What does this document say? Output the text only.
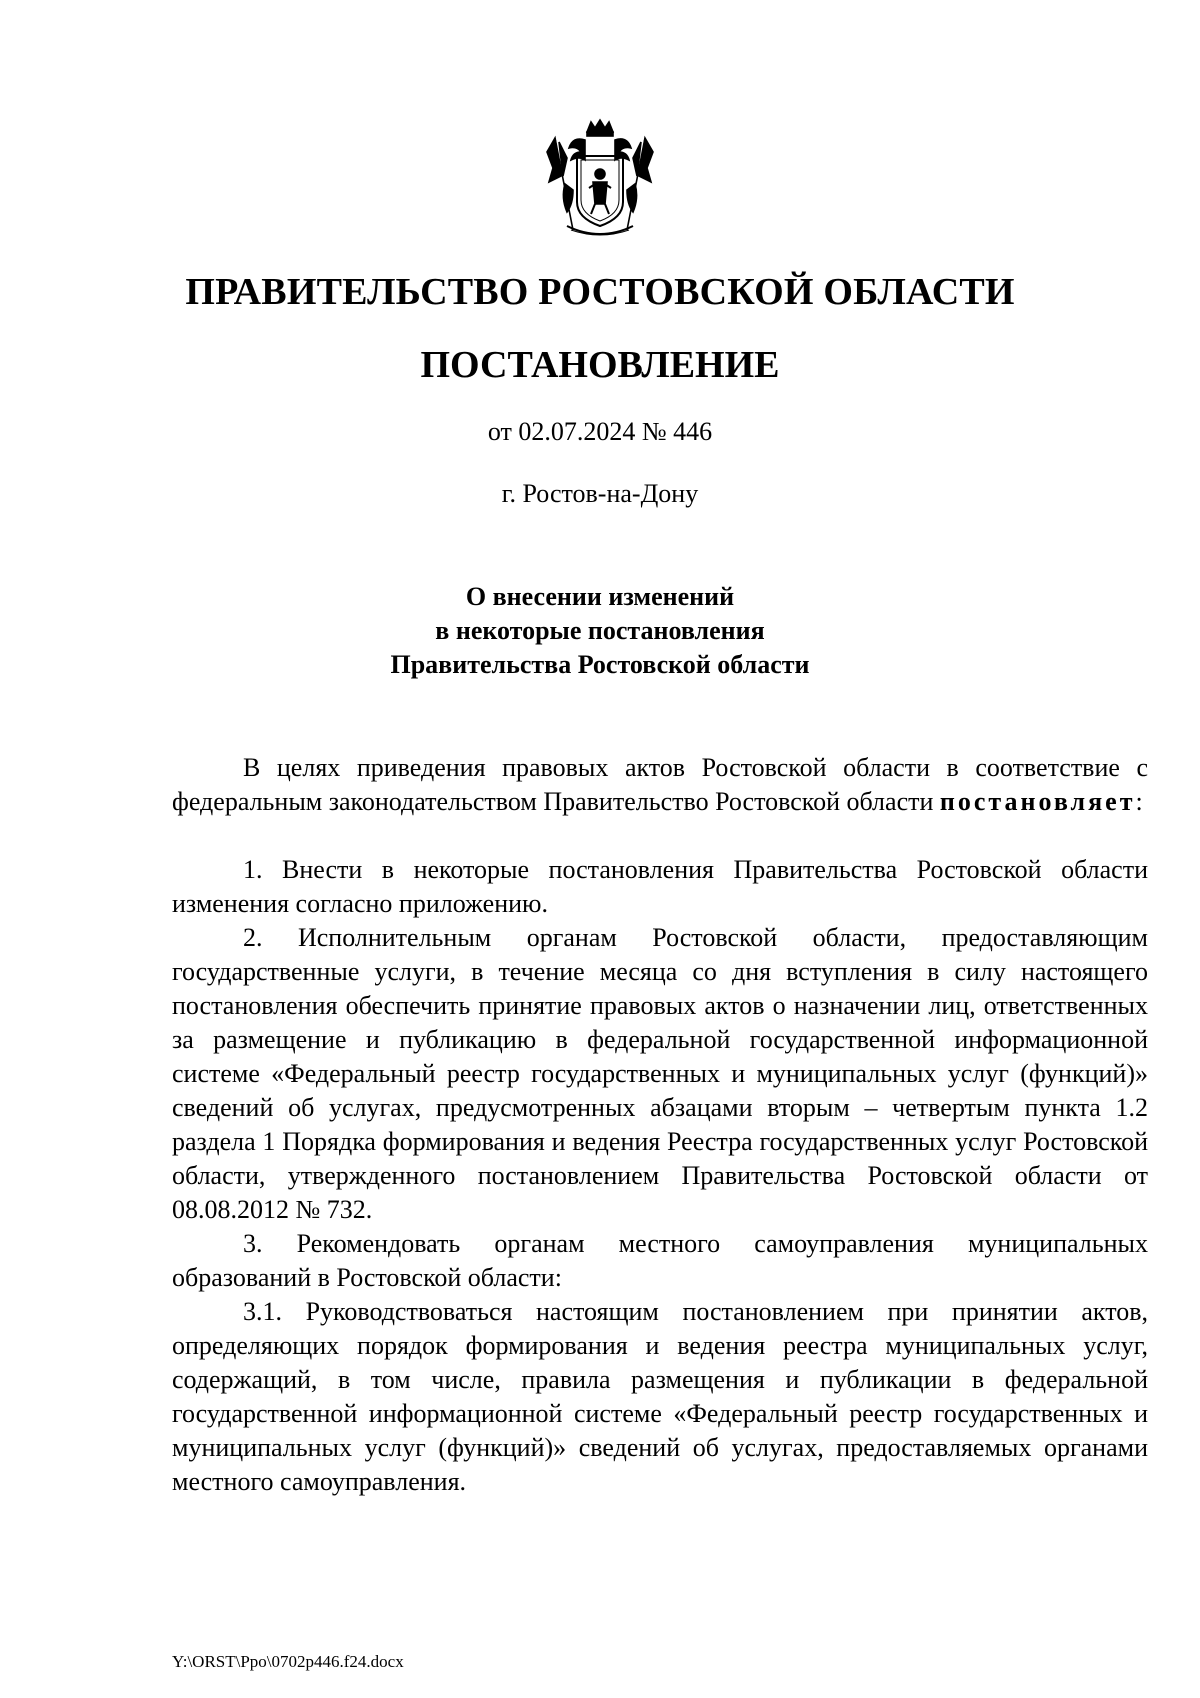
ПРАВИТЕЛЬСТВО РОСТОВСКОЙ ОБЛАСТИ
ПОСТАНОВЛЕНИЕ
от 02.07.2024 № 446
г. Ростов-на-Дону
О внесении изменений
в некоторые постановления
Правительства Ростовской области

В целях приведения правовых актов Ростовской области в соответствие с федеральным законодательством Правительство Ростовской области постановляет:

1. Внести в некоторые постановления Правительства Ростовской области изменения согласно приложению.

2. Исполнительным органам Ростовской области, предоставляющим государственные услуги, в течение месяца со дня вступления в силу настоящего постановления обеспечить принятие правовых актов о назначении лиц, ответственных за размещение и публикацию в федеральной государственной информационной системе «Федеральный реестр государственных и муниципальных услуг (функций)» сведений об услугах, предусмотренных абзацами вторым – четвертым пункта 1.2 раздела 1 Порядка формирования и ведения Реестра государственных услуг Ростовской области, утвержденного постановлением Правительства Ростовской области от 08.08.2012 № 732.

3. Рекомендовать органам местного самоуправления муниципальных образований в Ростовской области:

3.1. Руководствоваться настоящим постановлением при принятии актов, определяющих порядок формирования и ведения реестра муниципальных услуг, содержащий, в том числе, правила размещения и публикации в федеральной государственной информационной системе «Федеральный реестр государственных и муниципальных услуг (функций)» сведений об услугах, предоставляемых органами местного самоуправления.

Y:\ORST\Ppo\0702p446.f24.docx
